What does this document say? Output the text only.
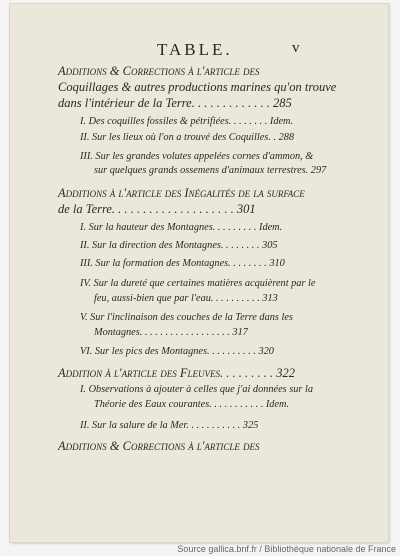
TABLE.	v
Additions & Corrections à l'article des
Coquillages & autres productions marines qu'on trouve
dans l'intérieur de la Terre. . . . . . . . . . . . . 285
I. Des coquilles fossiles & pétrifiées. . . . . . . . Idem.
II. Sur les lieux où l'on a trouvé des Coquilles. . 288
III. Sur les grandes volutes appelées cornes d'ammon, &
sur quelques grands ossemens d'animaux terrestres. 297
Additions à l'article des Inégalités de la surface
de la Terre. . . . . . . . . . . . . . . . . . . . 301
I. Sur la hauteur des Montagnes. . . . . . . . . Idem.
II. Sur la direction des Montagnes. . . . . . . . 305
III. Sur la formation des Montagnes. . . . . . . . 310
IV. Sur la dureté que certaines matières acquièrent par le
feu, aussi-bien que par l'eau. . . . . . . . . . 313
V. Sur l'inclinaison des couches de la Terre dans les
Montagnes. . . . . . . . . . . . . . . . . . 317
VI. Sur les pics des Montagnes. . . . . . . . . . 320
Addition à l'article des Fleuves. . . . . . . . . 322
I. Observations à ajouter à celles que j'ai données sur la
Théorie des Eaux courantes. . . . . . . . . . . Idem.
II. Sur la salure de la Mer. . . . . . . . . . . 325
Additions & Corrections à l'article des
Source gallica.bnf.fr / Bibliothèque nationale de France
